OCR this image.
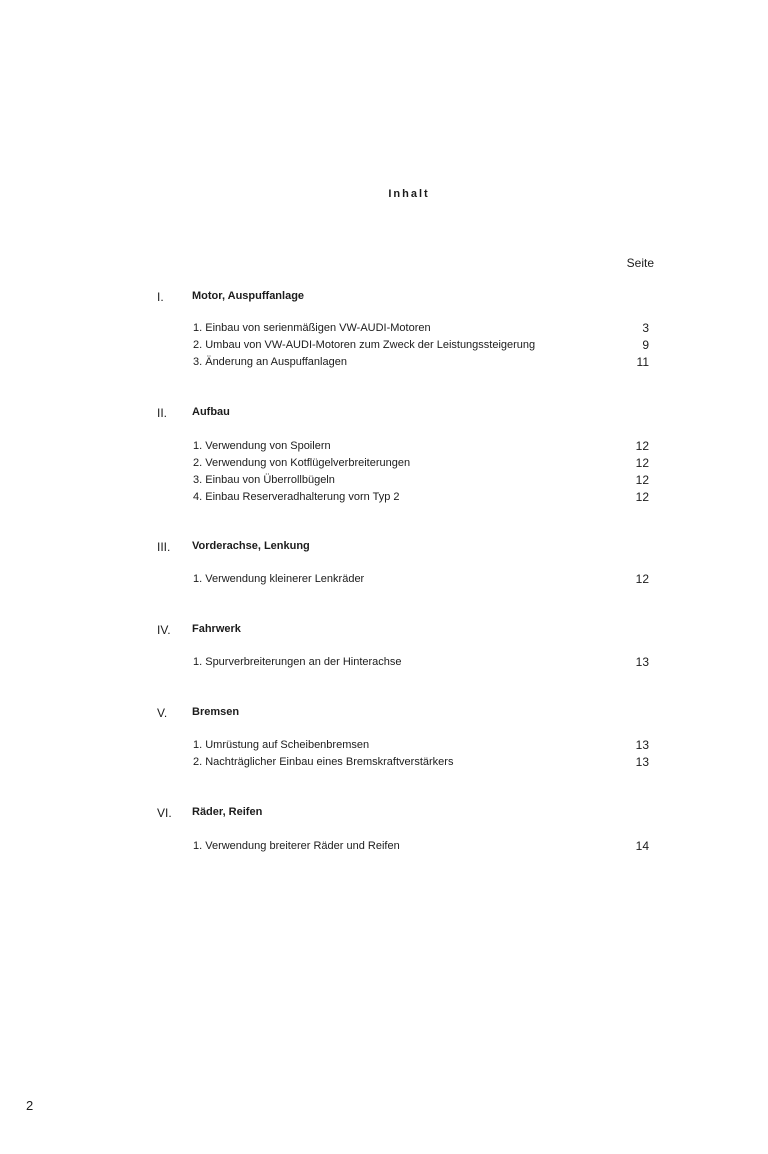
Inhalt
Seite
I.	Motor, Auspuffanlage
1. Einbau von serienmäßigen VW-AUDI-Motoren	3
2. Umbau von VW-AUDI-Motoren zum Zweck der Leistungssteigerung	9
3. Änderung an Auspuffanlagen	11
II. Aufbau
1. Verwendung von Spoilern	12
2. Verwendung von Kotflügelverbreiterungen	12
3. Einbau von Überrollbügeln	12
4. Einbau Reserveradhalterung vorn Typ 2	12
III. Vorderachse, Lenkung
1. Verwendung kleinerer Lenkräder	12
IV. Fahrwerk
1. Spurverbreiterungen an der Hinterachse	13
V. Bremsen
1. Umrüstung auf Scheibenbremsen	13
2. Nachträglicher Einbau eines Bremskraftverstärkers	13
VI. Räder, Reifen
1. Verwendung breiterer Räder und Reifen	14
2
